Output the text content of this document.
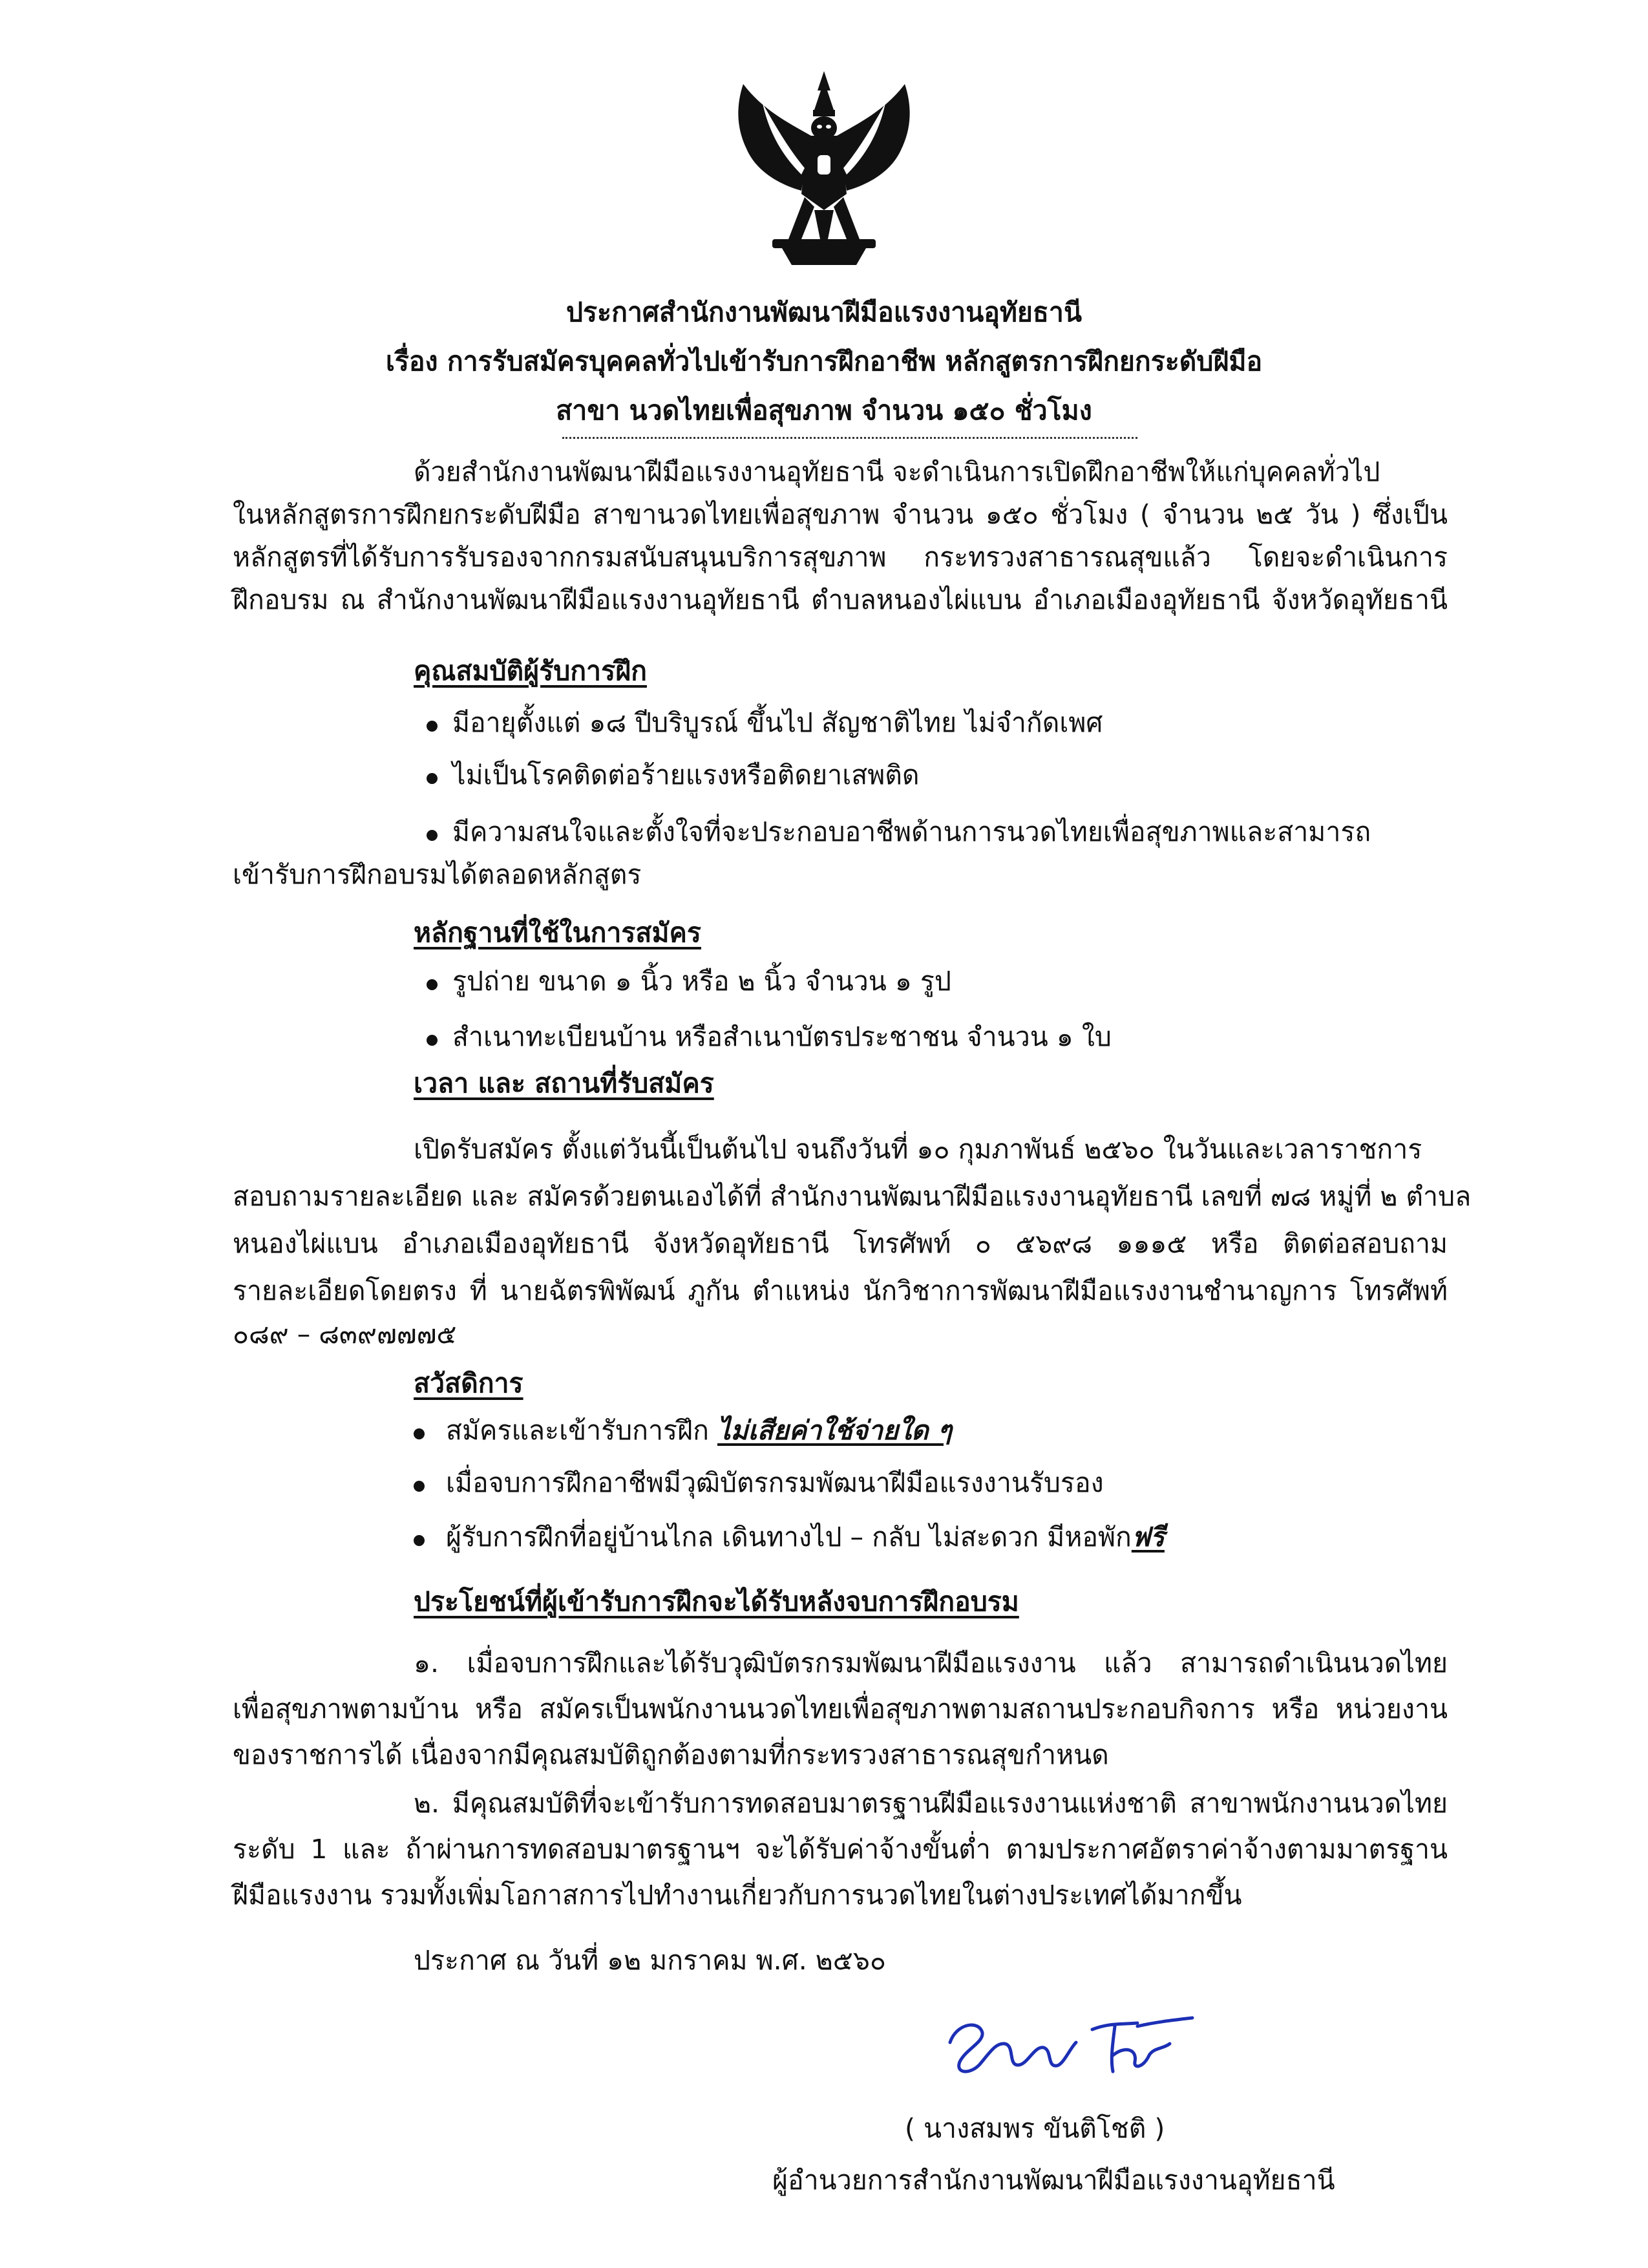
ประกาศสำนักงานพัฒนาฝีมือแรงงานอุทัยธานี
เรื่อง การรับสมัครบุคคลทั่วไปเข้ารับการฝึกอาชีพ หลักสูตรการฝึกยกระดับฝีมือ
สาขา นวดไทยเพื่อสุขภาพ จำนวน ๑๕๐ ชั่วโมง
ด้วยสำนักงานพัฒนาฝีมือแรงงานอุทัยธานี จะดำเนินการเปิดฝึกอาชีพให้แก่บุคคลทั่วไป
ในหลักสูตรการฝึกยกระดับฝีมือ สาขานวดไทยเพื่อสุขภาพ จำนวน ๑๕๐ ชั่วโมง ( จำนวน ๒๕ วัน ) ซึ่งเป็น
หลักสูตรที่ได้รับการรับรองจากกรมสนับสนุนบริการสุขภาพ กระทรวงสาธารณสุขแล้ว โดยจะดำเนินการ
ฝึกอบรม ณ สำนักงานพัฒนาฝีมือแรงงานอุทัยธานี ตำบลหนองไผ่แบน อำเภอเมืองอุทัยธานี จังหวัดอุทัยธานี
คุณสมบัติผู้รับการฝึก
มีอายุตั้งแต่ ๑๘ ปีบริบูรณ์ ขึ้นไป สัญชาติไทย ไม่จำกัดเพศ
ไม่เป็นโรคติดต่อร้ายแรงหรือติดยาเสพติด
มีความสนใจและตั้งใจที่จะประกอบอาชีพด้านการนวดไทยเพื่อสุขภาพและสามารถ
เข้ารับการฝึกอบรมได้ตลอดหลักสูตร
หลักฐานที่ใช้ในการสมัคร
รูปถ่าย ขนาด ๑ นิ้ว หรือ ๒ นิ้ว จำนวน ๑ รูป
สำเนาทะเบียนบ้าน หรือสำเนาบัตรประชาชน จำนวน ๑ ใบ
เวลา และ สถานที่รับสมัคร
เปิดรับสมัคร ตั้งแต่วันนี้เป็นต้นไป จนถึงวันที่ ๑๐ กุมภาพันธ์ ๒๕๖๐ ในวันและเวลาราชการ
สอบถามรายละเอียด และ สมัครด้วยตนเองได้ที่ สำนักงานพัฒนาฝีมือแรงงานอุทัยธานี เลขที่ ๗๘ หมู่ที่ ๒ ตำบล
หนองไผ่แบน อำเภอเมืองอุทัยธานี จังหวัดอุทัยธานี โทรศัพท์ ๐ ๕๖๙๘ ๑๑๑๕ หรือ ติดต่อสอบถาม
รายละเอียดโดยตรง ที่ นายฉัตรพิพัฒน์ ภูกัน ตำแหน่ง นักวิชาการพัฒนาฝีมือแรงงานชำนาญการ โทรศัพท์
๐๘๙ – ๘๓๙๗๗๗๕
สวัสดิการ
สมัครและเข้ารับการฝึก ไม่เสียค่าใช้จ่ายใด ๆ
เมื่อจบการฝึกอาชีพมีวุฒิบัตรกรมพัฒนาฝีมือแรงงานรับรอง
ผู้รับการฝึกที่อยู่บ้านไกล เดินทางไป – กลับ ไม่สะดวก มีหอพักฟรี
ประโยชน์ที่ผู้เข้ารับการฝึกจะได้รับหลังจบการฝึกอบรม
๑. เมื่อจบการฝึกและได้รับวุฒิบัตรกรมพัฒนาฝีมือแรงงาน แล้ว สามารถดำเนินนวดไทย
เพื่อสุขภาพตามบ้าน หรือ สมัครเป็นพนักงานนวดไทยเพื่อสุขภาพตามสถานประกอบกิจการ หรือ หน่วยงาน
ของราชการได้ เนื่องจากมีคุณสมบัติถูกต้องตามที่กระทรวงสาธารณสุขกำหนด
๒. มีคุณสมบัติที่จะเข้ารับการทดสอบมาตรฐานฝีมือแรงงานแห่งชาติ สาขาพนักงานนวดไทย
ระดับ 1 และ ถ้าผ่านการทดสอบมาตรฐานฯ จะได้รับค่าจ้างขั้นต่ำ ตามประกาศอัตราค่าจ้างตามมาตรฐาน
ฝีมือแรงงาน รวมทั้งเพิ่มโอกาสการไปทำงานเกี่ยวกับการนวดไทยในต่างประเทศได้มากขึ้น
ประกาศ ณ วันที่ ๑๒ มกราคม พ.ศ. ๒๕๖๐
( นางสมพร ขันติโชติ )
ผู้อำนวยการสำนักงานพัฒนาฝีมือแรงงานอุทัยธานี
